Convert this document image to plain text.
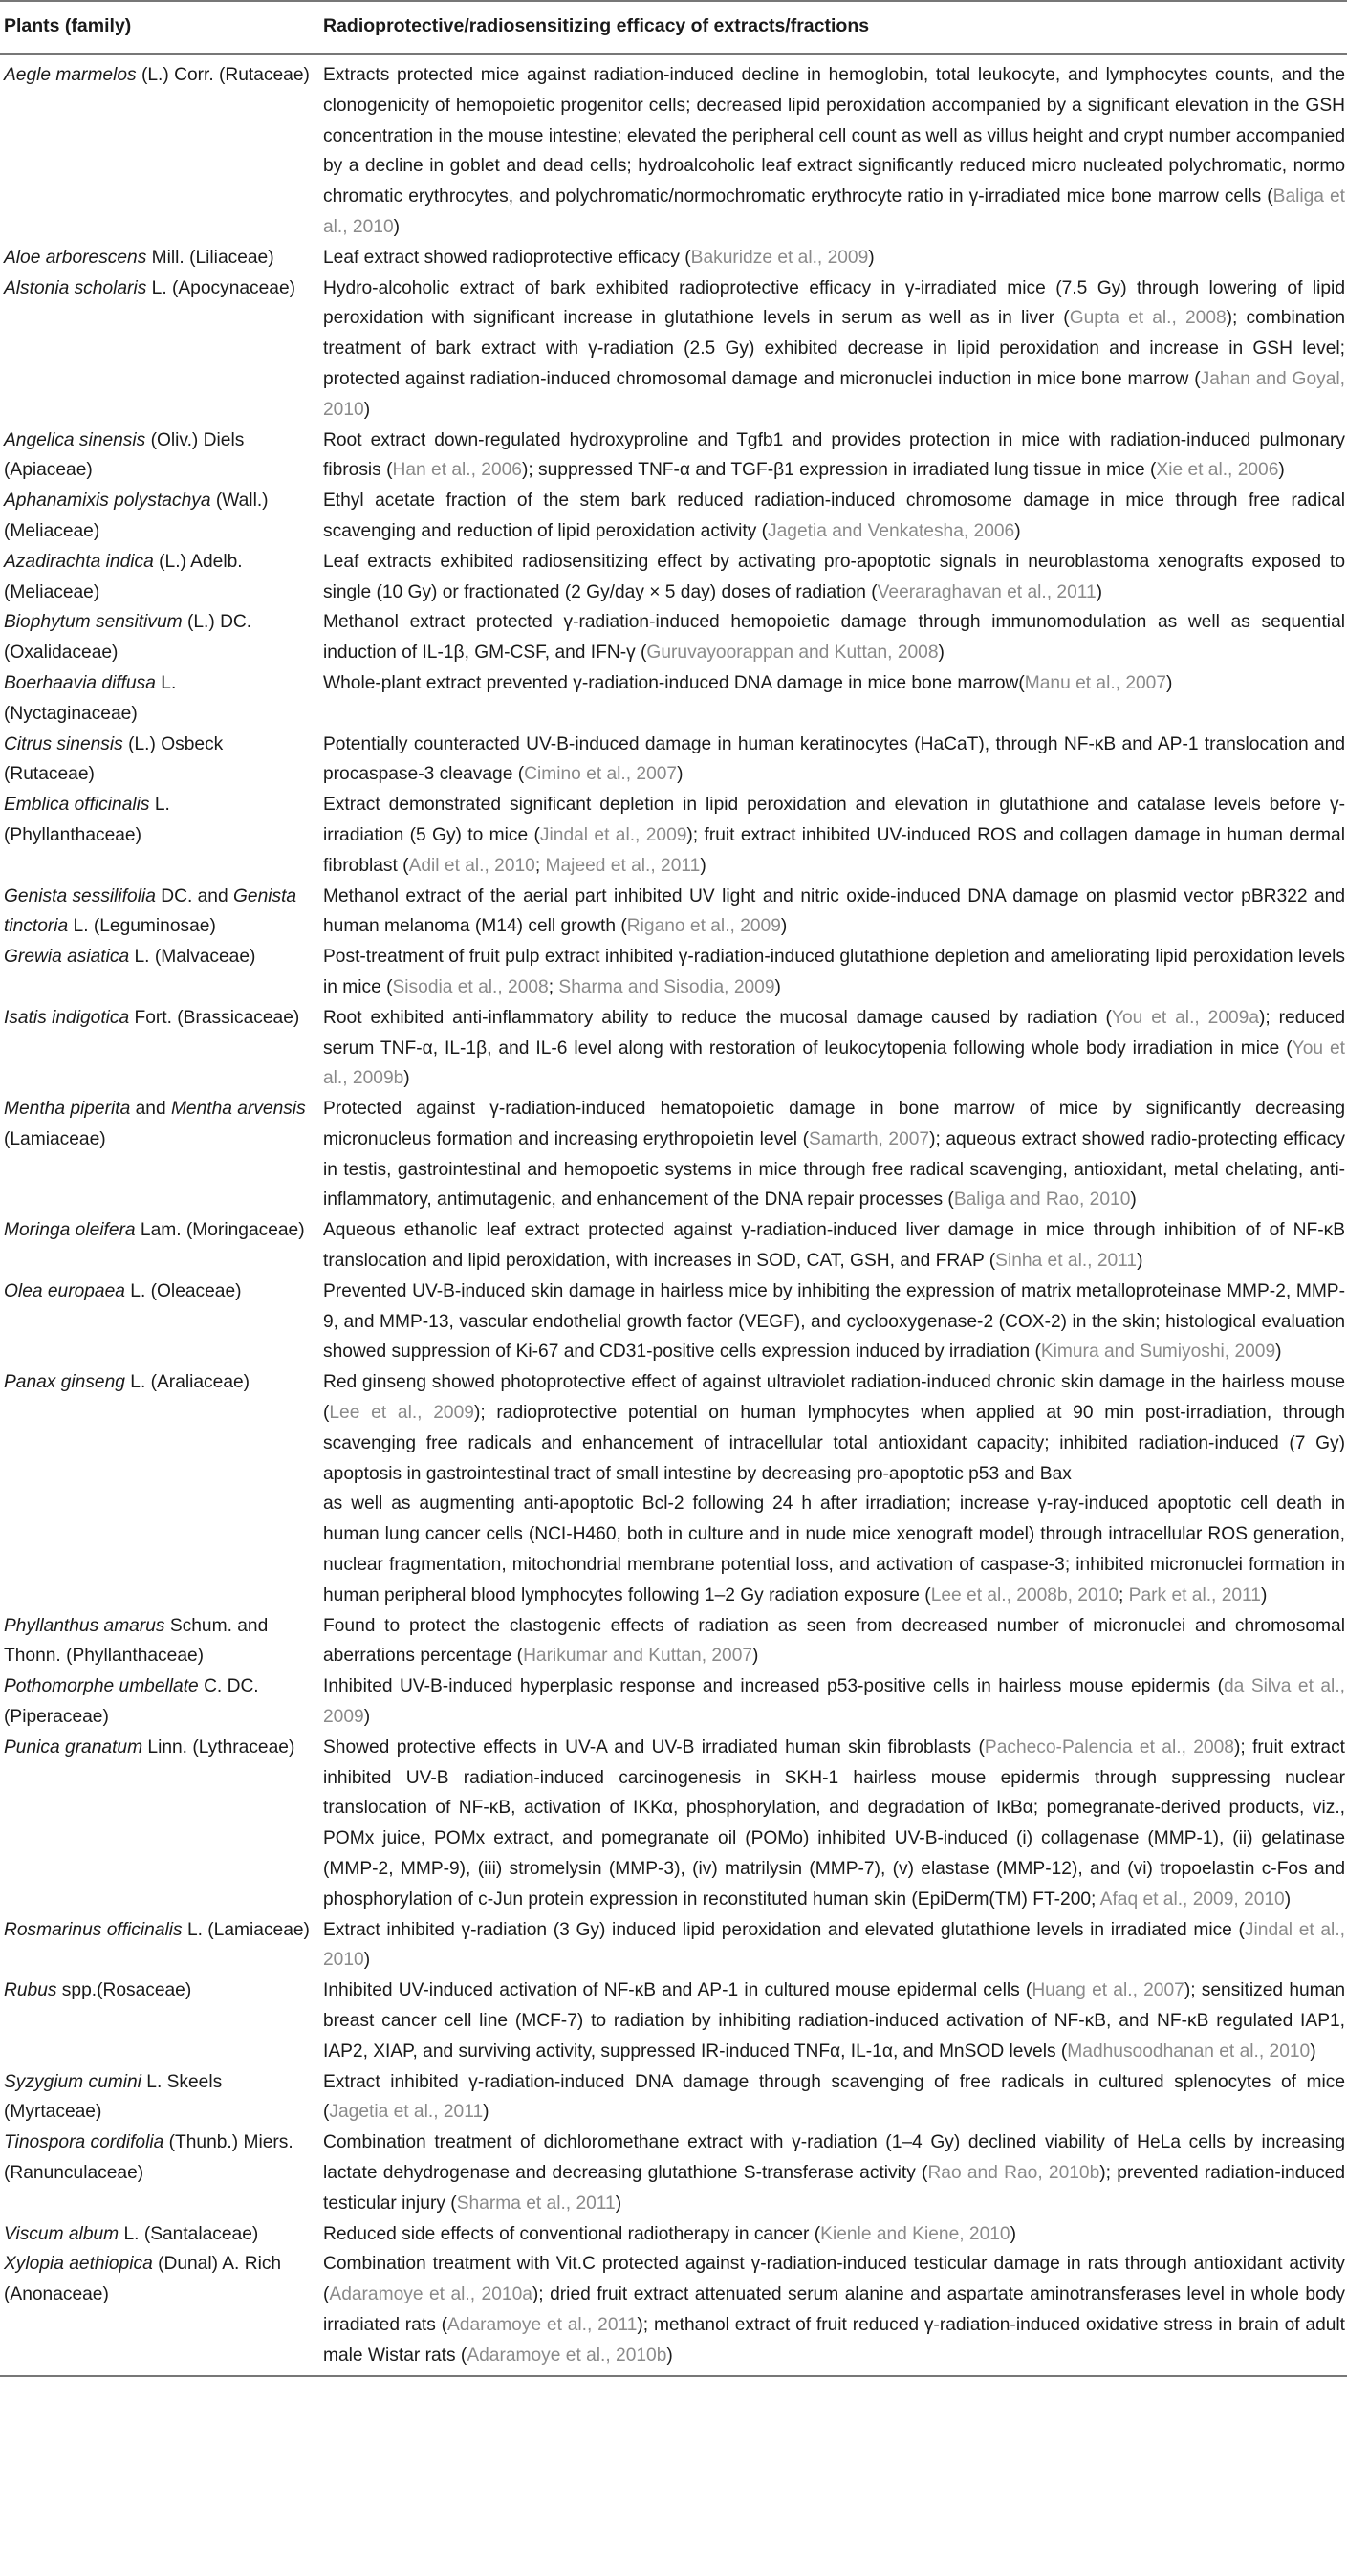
Plants (family)	Radioprotective/radiosensitizing efficacy of extracts/fractions
Aegle marmelos (L.) Corr. (Rutaceae)	Extracts protected mice against radiation-induced decline in hemoglobin, total leukocyte, and lymphocytes counts, and the clonogenicity of hemopoietic progenitor cells; decreased lipid peroxidation accompanied by a significant elevation in the GSH concentration in the mouse intestine; elevated the peripheral cell count as well as villus height and crypt number accompanied by a decline in goblet and dead cells; hydroalcoholic leaf extract significantly reduced micro nucleated polychromatic, normo chromatic erythrocytes, and polychromatic/normochromatic erythrocyte ratio in γ-irradiated mice bone marrow cells (Baliga et al., 2010)
Aloe arborescens Mill. (Liliaceae)	Leaf extract showed radioprotective efficacy (Bakuridze et al., 2009)
Alstonia scholaris L. (Apocynaceae)	Hydro-alcoholic extract of bark exhibited radioprotective efficacy in γ-irradiated mice (7.5 Gy) through lowering of lipid peroxidation with significant increase in glutathione levels in serum as well as in liver (Gupta et al., 2008); combination treatment of bark extract with γ-radiation (2.5 Gy) exhibited decrease in lipid peroxidation and increase in GSH level; protected against radiation-induced chromosomal damage and micronuclei induction in mice bone marrow (Jahan and Goyal, 2010)
Angelica sinensis (Oliv.) Diels (Apiaceae)	Root extract down-regulated hydroxyproline and Tgfb1 and provides protection in mice with radiation-induced pulmonary fibrosis (Han et al., 2006); suppressed TNF-α and TGF-β1 expression in irradiated lung tissue in mice (Xie et al., 2006)
Aphanamixis polystachya (Wall.) (Meliaceae)	Ethyl acetate fraction of the stem bark reduced radiation-induced chromosome damage in mice through free radical scavenging and reduction of lipid peroxidation activity (Jagetia and Venkatesha, 2006)
Azadirachta indica (L.) Adelb. (Meliaceae)	Leaf extracts exhibited radiosensitizing effect by activating pro-apoptotic signals in neuroblastoma xenografts exposed to single (10 Gy) or fractionated (2 Gy/day × 5 day) doses of radiation (Veeraraghavan et al., 2011)
Biophytum sensitivum (L.) DC. (Oxalidaceae)	Methanol extract protected γ-radiation-induced hemopoietic damage through immunomodulation as well as sequential induction of IL-1β, GM-CSF, and IFN-γ (Guruvayoorappan and Kuttan, 2008)
Boerhaavia diffusa L. (Nyctaginaceae)	Whole-plant extract prevented γ-radiation-induced DNA damage in mice bone marrow(Manu et al., 2007)
Citrus sinensis (L.) Osbeck (Rutaceae)	Potentially counteracted UV-B-induced damage in human keratinocytes (HaCaT), through NF-κB and AP-1 translocation and procaspase-3 cleavage (Cimino et al., 2007)
Emblica officinalis L. (Phyllanthaceae)	Extract demonstrated significant depletion in lipid peroxidation and elevation in glutathione and catalase levels before γ-irradiation (5 Gy) to mice (Jindal et al., 2009); fruit extract inhibited UV-induced ROS and collagen damage in human dermal fibroblast (Adil et al., 2010; Majeed et al., 2011)
Genista sessilifolia DC. and Genista tinctoria L. (Leguminosae)	Methanol extract of the aerial part inhibited UV light and nitric oxide-induced DNA damage on plasmid vector pBR322 and human melanoma (M14) cell growth (Rigano et al., 2009)
Grewia asiatica L. (Malvaceae)	Post-treatment of fruit pulp extract inhibited γ-radiation-induced glutathione depletion and ameliorating lipid peroxidation levels in mice (Sisodia et al., 2008; Sharma and Sisodia, 2009)
Isatis indigotica Fort. (Brassicaceae)	Root exhibited anti-inflammatory ability to reduce the mucosal damage caused by radiation (You et al., 2009a); reduced serum TNF-α, IL-1β, and IL-6 level along with restoration of leukocytopenia following whole body irradiation in mice (You et al., 2009b)
Mentha piperita and Mentha arvensis (Lamiaceae)	Protected against γ-radiation-induced hematopoietic damage in bone marrow of mice by significantly decreasing micronucleus formation and increasing erythropoietin level (Samarth, 2007); aqueous extract showed radio-protecting efficacy in testis, gastrointestinal and hemopoetic systems in mice through free radical scavenging, antioxidant, metal chelating, anti-inflammatory, antimutagenic, and enhancement of the DNA repair processes (Baliga and Rao, 2010)
Moringa oleifera Lam. (Moringaceae)	Aqueous ethanolic leaf extract protected against γ-radiation-induced liver damage in mice through inhibition of of NF-κB translocation and lipid peroxidation, with increases in SOD, CAT, GSH, and FRAP (Sinha et al., 2011)
Olea europaea L. (Oleaceae)	Prevented UV-B-induced skin damage in hairless mice by inhibiting the expression of matrix metalloproteinase MMP-2, MMP-9, and MMP-13, vascular endothelial growth factor (VEGF), and cyclooxygenase-2 (COX-2) in the skin; histological evaluation showed suppression of Ki-67 and CD31-positive cells expression induced by irradiation (Kimura and Sumiyoshi, 2009)
Panax ginseng L. (Araliaceae)	Red ginseng showed photoprotective effect of against ultraviolet radiation-induced chronic skin damage in the hairless mouse (Lee et al., 2009); radioprotective potential on human lymphocytes when applied at 90 min post-irradiation, through scavenging free radicals and enhancement of intracellular total antioxidant capacity; inhibited radiation-induced (7 Gy) apoptosis in gastrointestinal tract of small intestine by decreasing pro-apoptotic p53 and Bax
as well as augmenting anti-apoptotic Bcl-2 following 24 h after irradiation; increase γ-ray-induced apoptotic cell death in human lung cancer cells (NCI-H460, both in culture and in nude mice xenograft model) through intracellular ROS generation, nuclear fragmentation, mitochondrial membrane potential loss, and activation of caspase-3; inhibited micronuclei formation in human peripheral blood lymphocytes following 1–2 Gy radiation exposure (Lee et al., 2008b, 2010; Park et al., 2011)
Phyllanthus amarus Schum. and Thonn. (Phyllanthaceae)	Found to protect the clastogenic effects of radiation as seen from decreased number of micronuclei and chromosomal aberrations percentage (Harikumar and Kuttan, 2007)
Pothomorphe umbellate C. DC. (Piperaceae)	Inhibited UV-B-induced hyperplasic response and increased p53-positive cells in hairless mouse epidermis (da Silva et al., 2009)
Punica granatum Linn. (Lythraceae)	Showed protective effects in UV-A and UV-B irradiated human skin fibroblasts (Pacheco-Palencia et al., 2008); fruit extract inhibited UV-B radiation-induced carcinogenesis in SKH-1 hairless mouse epidermis through suppressing nuclear translocation of NF-κB, activation of IKKα, phosphorylation, and degradation of IκBα; pomegranate-derived products, viz., POMx juice, POMx extract, and pomegranate oil (POMo) inhibited UV-B-induced (i) collagenase (MMP-1), (ii) gelatinase (MMP-2, MMP-9), (iii) stromelysin (MMP-3), (iv) matrilysin (MMP-7), (v) elastase (MMP-12), and (vi) tropoelastin c-Fos and phosphorylation of c-Jun protein expression in reconstituted human skin (EpiDerm(TM) FT-200; Afaq et al., 2009, 2010)
Rosmarinus officinalis L. (Lamiaceae)	Extract inhibited γ-radiation (3 Gy) induced lipid peroxidation and elevated glutathione levels in irradiated mice (Jindal et al., 2010)
Rubus spp.(Rosaceae)	Inhibited UV-induced activation of NF-κB and AP-1 in cultured mouse epidermal cells (Huang et al., 2007); sensitized human breast cancer cell line (MCF-7) to radiation by inhibiting radiation-induced activation of NF-κB, and NF-κB regulated IAP1, IAP2, XIAP, and surviving activity, suppressed IR-induced TNFα, IL-1α, and MnSOD levels (Madhusoodhanan et al., 2010)
Syzygium cumini L. Skeels (Myrtaceae)	Extract inhibited γ-radiation-induced DNA damage through scavenging of free radicals in cultured splenocytes of mice (Jagetia et al., 2011)
Tinospora cordifolia (Thunb.) Miers. (Ranunculaceae)	Combination treatment of dichloromethane extract with γ-radiation (1–4 Gy) declined viability of HeLa cells by increasing lactate dehydrogenase and decreasing glutathione S-transferase activity (Rao and Rao, 2010b); prevented radiation-induced testicular injury (Sharma et al., 2011)
Viscum album L. (Santalaceae)	Reduced side effects of conventional radiotherapy in cancer (Kienle and Kiene, 2010)
Xylopia aethiopica (Dunal) A. Rich (Anonaceae)	Combination treatment with Vit.C protected against γ-radiation-induced testicular damage in rats through antioxidant activity (Adaramoye et al., 2010a); dried fruit extract attenuated serum alanine and aspartate aminotransferases level in whole body irradiated rats (Adaramoye et al., 2011); methanol extract of fruit reduced γ-radiation-induced oxidative stress in brain of adult male Wistar rats (Adaramoye et al., 2010b)
